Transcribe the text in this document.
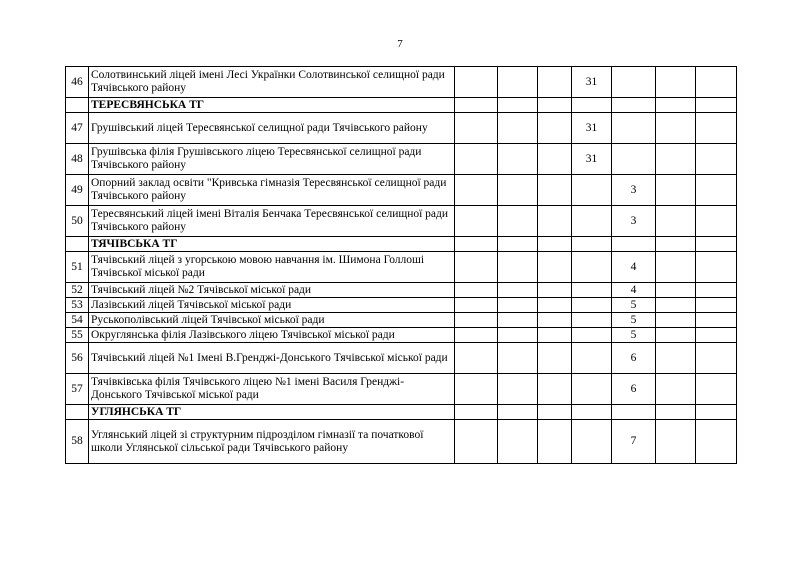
7
46	Солотвинський ліцей імені Лесі Українки Солотвинської селищної ради Тячівського району				31			
	ТЕРЕСВЯНСЬКА ТГ							
47	Грушівський ліцей Тересвянської селищної ради Тячівського району				31			
48	Грушівська філія Грушівського ліцею Тересвянської селищної ради Тячівського району				31			
49	Опорний заклад освіти "Кривська гімназія Тересвянської селищної ради Тячівського району					3		
50	Тересвянський ліцей імені Віталія Бенчака Тересвянської селищної ради Тячівського району					3		
	ТЯЧІВСЬКА ТГ							
51	Тячівський ліцей з угорською мовою навчання ім. Шимона Голлоші Тячівської міської ради					4		
52	Тячівський ліцей №2 Тячівської міської ради					4		
53	Лазівський ліцей Тячівської міської ради					5		
54	Руськополівський ліцей Тячівської міської ради					5		
55	Округлянська філія Лазівського ліцею Тячівської міської ради					5		
56	Тячівський ліцей №1 Імені В.Гренджі-Донського Тячівської міської ради					6		
57	Тячівківська філія Тячівського ліцею №1 імені Василя Гренджі-Донського Тячівської міської ради					6		
	УГЛЯНСЬКА ТГ							
58	Углянський ліцей зі структурним підрозділом гімназії та початкової школи Углянської сільської ради Тячівського району					7		
